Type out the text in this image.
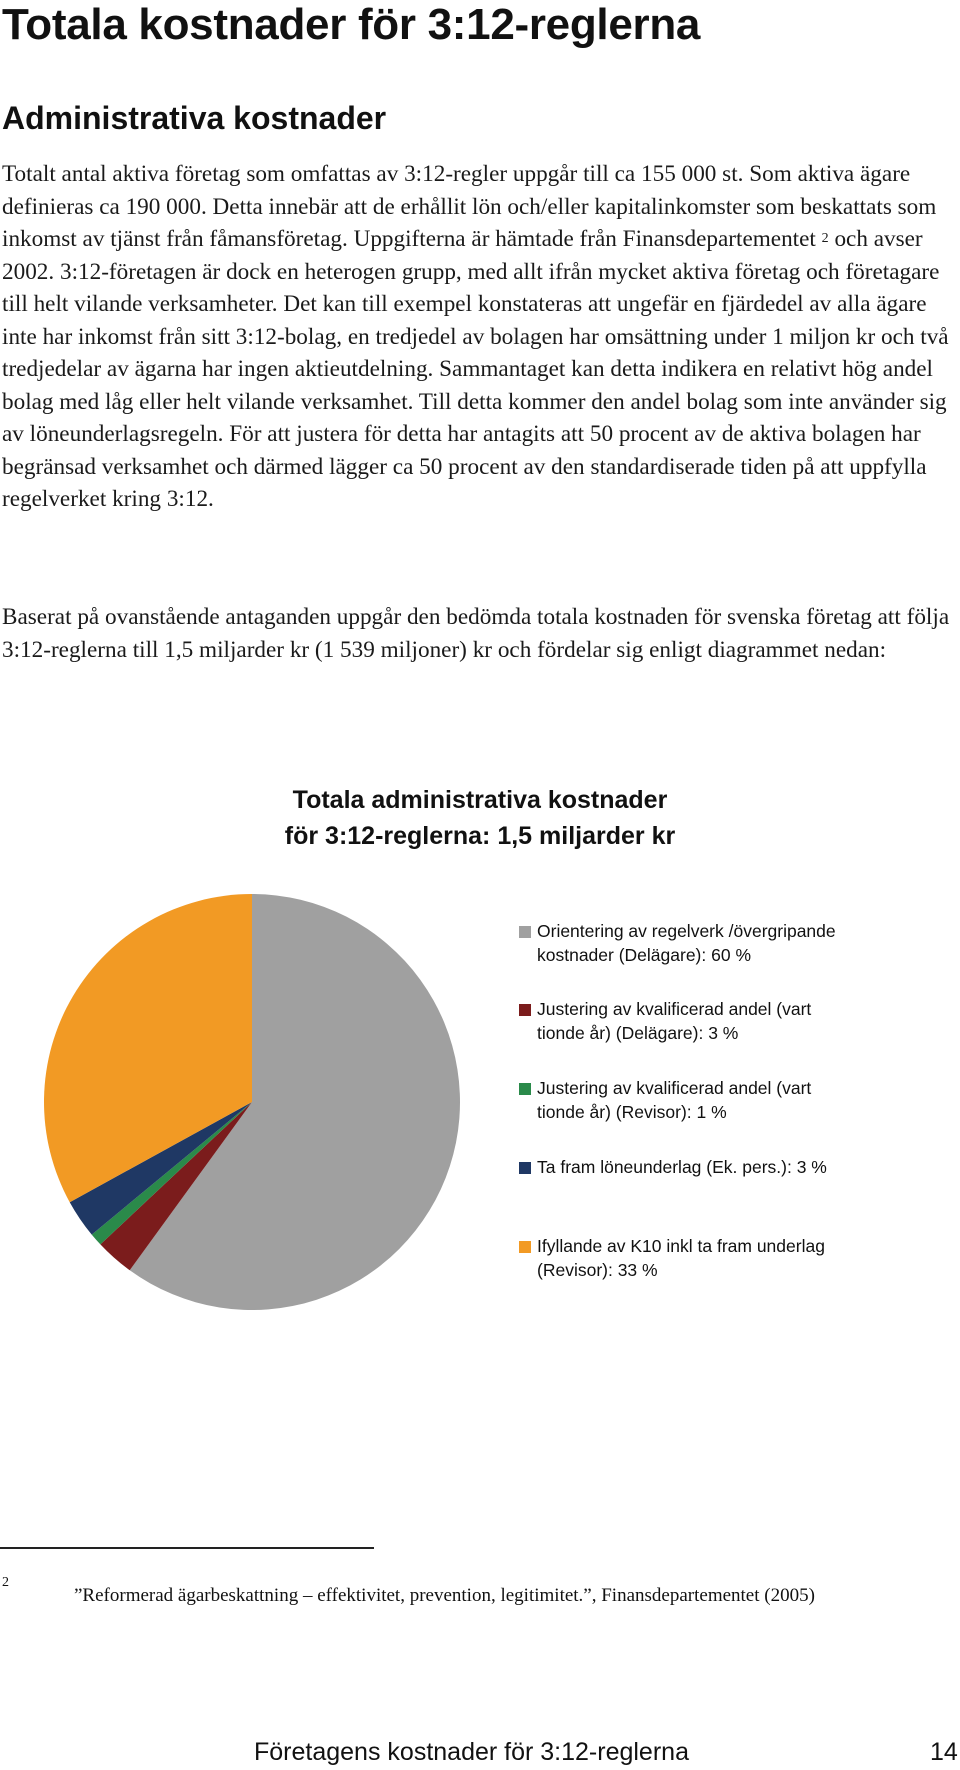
Totala kostnader för 3:12-reglerna
Administrativa kostnader
Totalt antal aktiva företag som omfattas av 3:12-regler uppgår till ca 155 000 st. Som aktiva ägare definieras ca 190 000. Detta innebär att de erhållit lön och/eller kapitalinkomster som beskattats som inkomst av tjänst från fåmansföretag. Uppgifterna är hämtade från Finansdepartementet $^2$ och avser 2002. 3:12-företagen är dock en heterogen grupp, med allt ifrån mycket aktiva företag och företagare till helt vilande verksamheter. Det kan till exempel konstateras att ungefär en fjärdedel av alla ägare inte har inkomst från sitt 3:12-bolag, en tredjedel av bolagen har omsättning under 1 miljon kr och två tredjedelar av ägarna har ingen aktieutdelning. Sammantaget kan detta indikera en relativt hög andel bolag med låg eller helt vilande verksamhet. Till detta kommer den andel bolag som inte använder sig av löneunderlagsregeln. För att justera för detta har antagits att 50 procent av de aktiva bolagen har begränsad verksamhet och därmed lägger ca 50 procent av den standardiserade tiden på att uppfylla regelverket kring 3:12.
Baserat på ovanstående antaganden uppgår den bedömda totala kostnaden för svenska företag att följa 3:12-reglerna till 1,5 miljarder kr (1 539 miljoner) kr och fördelar sig enligt diagrammet nedan:
Totala administrativa kostnader
för 3:12-reglerna: 1,5 miljarder kr
Orientering av regelverk /övergripande
kostnader (Delägare): 60 %
Justering av kvalificerad andel (vart
tionde år) (Delägare): 3 %
Justering av kvalificerad andel (vart
tionde år) (Revisor): 1 %
Ta fram löneunderlag (Ek. pers.): 3 %
Ifyllande av K10 inkl ta fram underlag
(Revisor): 33 %
2
”Reformerad ägarbeskattning – effektivitet, prevention, legitimitet.”, Finansdepartementet (2005)
Företagens kostnader för 3:12-reglerna	14
